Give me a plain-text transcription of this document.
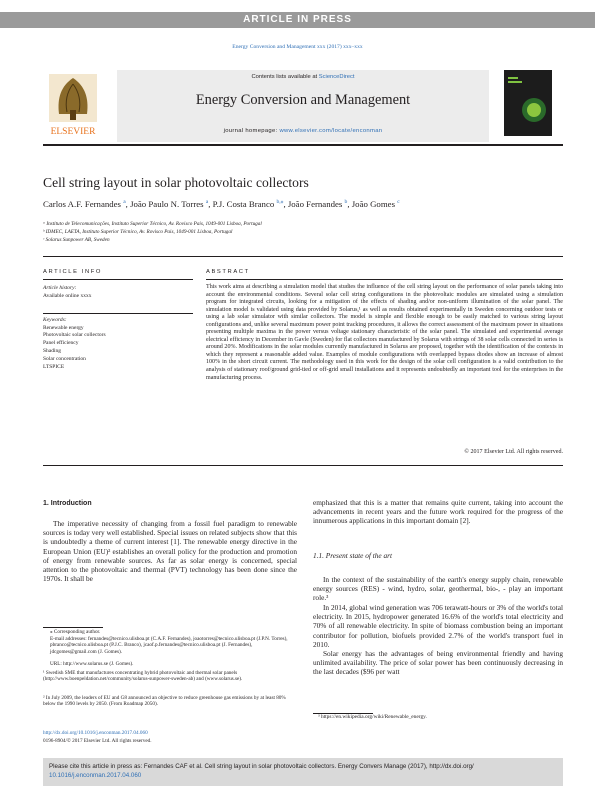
ARTICLE IN PRESS
Energy Conversion and Management xxx (2017) xxx–xxx
ELSEVIER
Contents lists available at ScienceDirect
Energy Conversion and Management
journal homepage: www.elsevier.com/locate/enconman
Cell string layout in solar photovoltaic collectors
Carlos A.F. Fernandes $^a$, João Paulo N. Torres $^a$, P.J. Costa Branco $^{b,⁎}$, João Fernandes $^b$, João Gomes $^c$
ᵃ Instituto de Telecomunicações, Instituto Superior Técnico, Av. Rovisco Pais, 1049-001 Lisboa, Portugal
ᵇ IDMEC, LAETA, Instituto Superior Técnico, Av. Rovisco Pais, 1049-001 Lisboa, Portugal
ᶜ Solarus Sunpower AB, Sweden
ARTICLE INFO
Article history:
Available online xxxx
Keywords:
Renewable energy
Photovoltaic solar collectors
Panel efficiency
Shading
Solar concentration
LTSPICE
ABSTRACT
This work aims at describing a simulation model that studies the influence of the cell string layout on the performance of solar panels taking into account the environmental conditions. Several solar cell string configurations in the photovoltaic modules are simulated using a simulation program for integrated circuits, looking for a mitigation of the effects of shading and/or non-uniform illumination of the solar panel. The simulation model is validated using data provided by Solarus,¹ as well as results obtained experimentally in Sweden concerning outdoor tests or using a lab solar simulator with similar collectors. The model is simple and flexible enough to be easily matched to various string layout configurations and, unlike several maximum power point tracking procedures, it allows the correct assessment of the maximum power in situations presenting multiple maxima in the power versus voltage stationary characteristic of the solar panel. The simulated and experimental average electrical efficiency in December in Gavle (Sweden) for flat collectors manufactured by Solarus with strings of 38 solar cells connected in series is around 20%. Modifications in the solar modules currently manufactured in Solarus are proposed, together with the identification of the contexts in which they represent a reasonable added value. Examples of module configurations with overlapped bypass diodes show an increase of almost 100% in the short circuit current. The methodology used in this work for the design of the solar cell configuration is a valid contribution to the analysis of stationary roof/ground grid-tied or off-grid small installations and it represents undoubtedly an important tool for the enterprises in the manufacturing process.
© 2017 Elsevier Ltd. All rights reserved.
1. Introduction
The imperative necessity of changing from a fossil fuel paradigm to renewable sources is today very well established. Special issues on related subjects show that this is undoubtedly a theme of current interest [1]. The renewable energy directive in the European Union (EU)² establishes an overall policy for the production and promotion of energy from renewable sources. As far as solar energy is concerned, special attention to the photovoltaic and thermal (PVT) technology has been done since the 1970s. It shall be
emphasized that this is a matter that remains quite current, taking into account the advancements in recent years and the future work required for the progress of the innumerous applications in this important domain [2].
1.1. Present state of the art
In the context of the sustainability of the earth's energy supply chain, renewable energy sources (RES) - wind, hydro, solar, geothermal, bio-, - play an important role.³
In 2014, global wind generation was 706 terawatt-hours or 3% of the world's total electricity. In 2015, hydropower generated 16.6% of the world's total electricity and 70% of all renewable electricity. In spite of biomass combustion being an important contributor for pollution, biofuels provided 2.7% of the world's transport fuel in 2010.
Solar energy has the advantages of being environmental friendly and having unlimited availability. The price of solar power has been continuously decreasing in the last decades ($96 per watt
⁎ Corresponding author.
E-mail addresses: fernandes@tecnico.ulisboa.pt (C.A.F. Fernandes), joaotorres@tecnico.ulisboa.pt (J.P.N. Torres), pbranco@tecnico.ulisboa.pt (P.J.C. Branco), jcaof.p.fernandes@tecnico.ulisboa.pt (J. Fernandes), jdcgomes@gmail.com (J. Gomes).
URL: http://www.solarus.se (J. Gomes).
¹ Swedish SME that manufactures concentrating hybrid photovoltaic and thermal solar panels (http://www.boenpeldation.net/community/solarus-sunpower-sweden-ab) and (www.solarus.se).
² In July 2009, the leaders of EU and G8 announced an objective to reduce greenhouse gas emissions by at least 80% below the 1990 levels by 2050. (From Roadmap 2050).
http://dx.doi.org/10.1016/j.enconman.2017.04.060
0196-8904/© 2017 Elsevier Ltd. All rights reserved.
³ https://en.wikipedia.org/wiki/Renewable_energy.
Please cite this article in press as: Fernandes CAF et al. Cell string layout in solar photovoltaic collectors. Energy Convers Manage (2017), http://dx.doi.org/
10.1016/j.enconman.2017.04.060
